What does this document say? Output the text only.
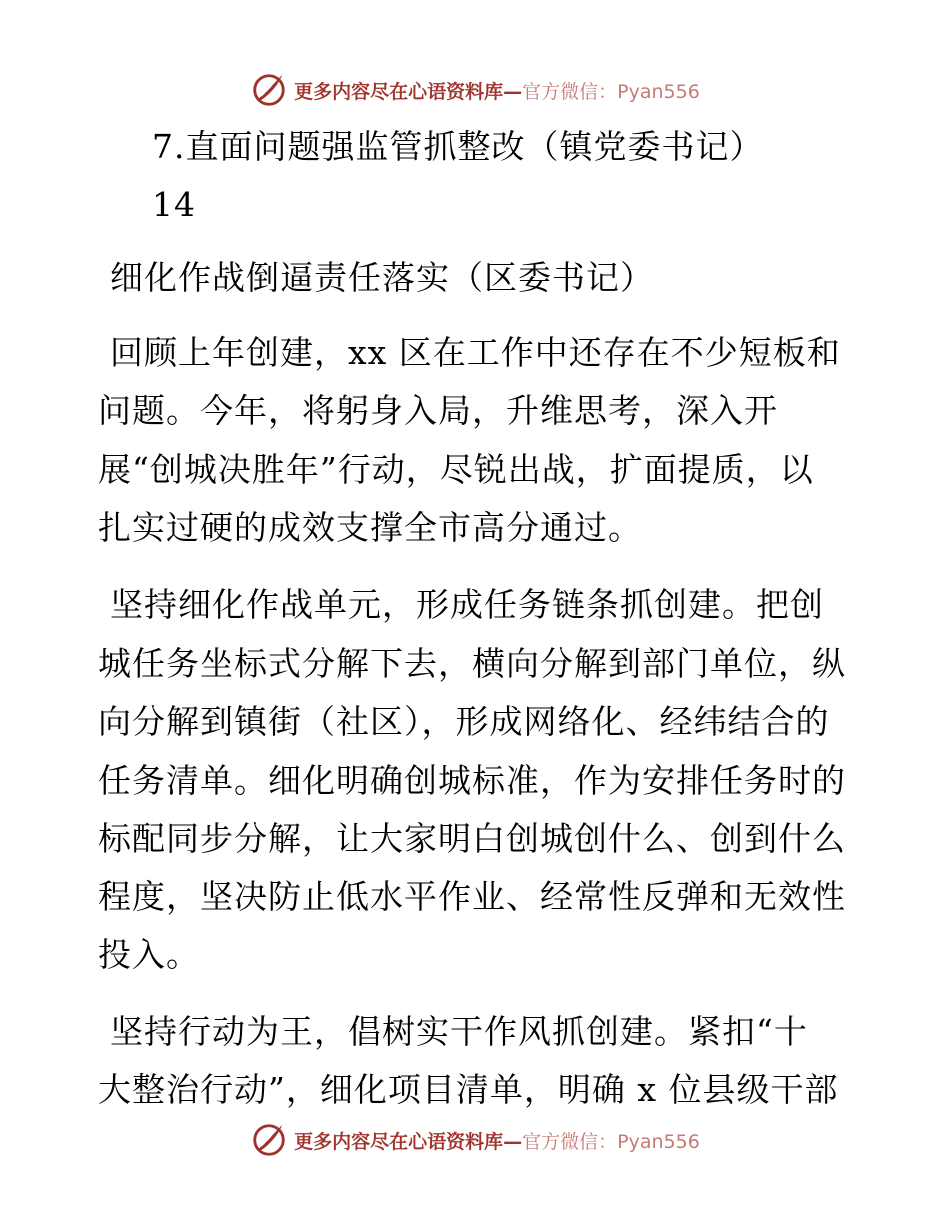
更多内容尽在心语资料库— 官方微信：Pyan556
7.直面问题强监管抓整改（镇党委书记）
14
细化作战倒逼责任落实（区委书记）
回顾上年创建，xx 区在工作中还存在不少短板和
问题。今年，将躬身入局，升维思考，深入开
展“创城决胜年”行动，尽锐出战，扩面提质，以
扎实过硬的成效支撑全市高分通过。
坚持细化作战单元，形成任务链条抓创建。把创
城任务坐标式分解下去，横向分解到部门单位，纵
向分解到镇街（社区），形成网络化、经纬结合的
任务清单。细化明确创城标准，作为安排任务时的
标配同步分解，让大家明白创城创什么、创到什么
程度，坚决防止低水平作业、经常性反弹和无效性
投入。
坚持行动为王，倡树实干作风抓创建。紧扣“十
大整治行动”，细化项目清单，明确 x 位县级干部
更多内容尽在心语资料库— 官方微信：Pyan556
